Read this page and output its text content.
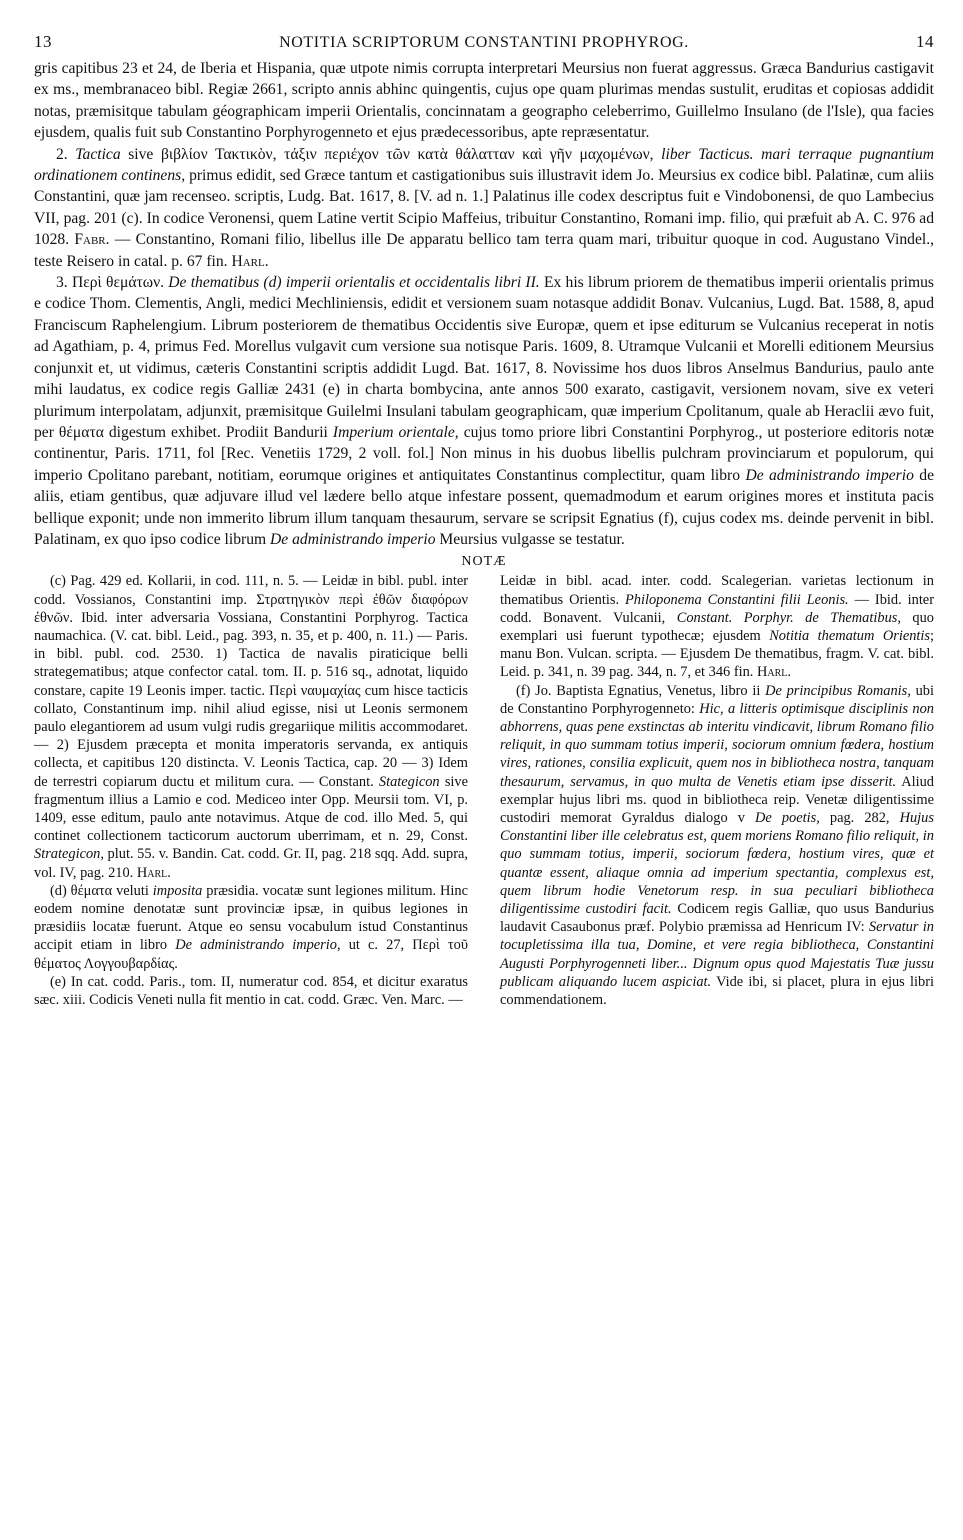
13	NOTITIA SCRIPTORUM CONSTANTINI PROPHYROG.	14

gris capitibus 23 et 24, de Iberia et Hispania, quæ utpote nimis corrupta interpretari Meursius non fuerat aggressus. Græca Bandurius castigavit ex ms., membranaceo bibl. Regiæ 2661, scripto annis abhinc quingentis, cujus ope quam plurimas mendas sustulit, eruditas et copiosas addidit notas, præmisitque tabulam géographicam imperii Orientalis, concinnatam a geographo celeberrimo, Guillelmo Insulano (de l'Isle), qua facies ejusdem, qualis fuit sub Constantino Porphyrogenneto et ejus prædecessoribus, apte repræsentatur.

2. Tactica sive βιβλίον Τακτικὸν, τάξιν περιέχον τῶν κατὰ θάλατταν καὶ γῆν μαχομένων, liber Tacticus. mari terraque pugnantium ordinationem continens, primus edidit, sed Græce tantum et castigationibus suis illustravit idem Jo. Meursius ex codice bibl. Palatinæ, cum aliis Constantini, quæ jam recenseo. scriptis, Ludg. Bat. 1617, 8. [V. ad n. 1.] Palatinus ille codex descriptus fuit e Vindobonensi, de quo Lambecius VII, pag. 201 (c). In codice Veronensi, quem Latine vertit Scipio Maffeius, tribuitur Constantino, Romani imp. filio, qui præfuit ab A. C. 976 ad 1028. Fabr. — Constantino, Romani filio, libellus ille De apparatu bellico tam terra quam mari, tribuitur quoque in cod. Augustano Vindel., teste Reisero in catal. p. 67 fin. Harl.

3. Περὶ θεμάτων. De thematibus (d) imperii orientalis et occidentalis libri II. Ex his librum priorem de thematibus imperii orientalis primus e codice Thom. Clementis, Angli, medici Mechliniensis, edidit et versionem suam notasque addidit Bonav. Vulcanius, Lugd. Bat. 1588, 8, apud Franciscum Raphelengium. Librum posteriorem de thematibus Occidentis sive Europæ, quem et ipse editurum se Vulcanius receperat in notis ad Agathiam, p. 4, primus Fed. Morellus vulgavit cum versione sua notisque Paris. 1609, 8. Utramque Vulcanii et Morelli editionem Meursius conjunxit et, ut vidimus, cæteris Constantini scriptis addidit Lugd. Bat. 1617, 8. Novissime hos duos libros Anselmus Bandurius, paulo ante mihi laudatus, ex codice regis Galliæ 2431 (e) in charta bombycina, ante annos 500 exarato, castigavit, versionem novam, sive ex veteri plurimum interpolatam, adjunxit, præmisitque Guilelmi Insulani tabulam geographicam, quæ imperium Cpolitanum, quale ab Heraclii ævo fuit, per θέματα digestum exhibet. Prodiit Bandurii Imperium orientale, cujus tomo priore libri Constantini Porphyrog., ut posteriore editoris notæ continentur, Paris. 1711, fol [Rec. Venetiis 1729, 2 voll. fol.] Non minus in his duobus libellis pulchram provinciarum et populorum, qui imperio Cpolitano parebant, notitiam, eorumque origines et antiquitates Constantinus complectitur, quam libro De administrando imperio de aliis, etiam gentibus, quæ adjuvare illud vel lædere bello atque infestare possent, quemadmodum et earum origines mores et instituta pacis bellique exponit; unde non immerito librum illum tanquam thesaurum, servare se scripsit Egnatius (f), cujus codex ms. deinde pervenit in bibl. Palatinam, ex quo ipso codice librum De administrando imperio Meursius vulgasse se testatur.

NOTÆ

(c) Pag. 429 ed. Kollarii, in cod. 111, n. 5. — Leidæ in bibl. publ. inter codd. Vossianos, Constantini imp. Στρατηγικὸν περὶ ἐθῶν διαφόρων ἐθνῶν. Ibid. inter adversaria Vossiana, Constantini Porphyrog. Tactica naumachica. (V. cat. bibl. Leid., pag. 393, n. 35, et p. 400, n. 11.) — Paris. in bibl. publ. cod. 2530. 1) Tactica de navalis piraticique belli strategematibus; atque confector catal. tom. II. p. 516 sq., adnotat, liquido constare, capite 19 Leonis imper. tactic. Περὶ ναυμαχίας cum hisce tacticis collato, Constantinum imp. nihil aliud egisse, nisi ut Leonis sermonem paulo elegantiorem ad usum vulgi rudis gregariique militis accommodaret. — 2) Ejusdem præcepta et monita imperatoris servanda, ex antiquis collecta, et capitibus 120 distincta. V. Leonis Tactica, cap. 20 — 3) Idem de terrestri copiarum ductu et militum cura. — Constant. Stategicon sive fragmentum illius a Lamio e cod. Mediceo inter Opp. Meursii tom. VI, p. 1409, esse editum, paulo ante notavimus. Atque de cod. illo Med. 5, qui continet collectionem tacticorum auctorum uberrimam, et n. 29, Const. Strategicon, plut. 55. v. Bandin. Cat. codd. Gr. II, pag. 218 sqq. Add. supra, vol. IV, pag. 210. Harl.

(d) θέματα veluti imposita præsidia. vocatæ sunt legiones militum. Hinc eodem nomine denotatæ sunt provinciæ ipsæ, in quibus legiones in præsidiis locatæ fuerunt. Atque eo sensu vocabulum istud Constantinus accipit etiam in libro De administrando imperio, ut c. 27, Περὶ τοῦ θέματος Λογγουβαρδίας.

(e) In cat. codd. Paris., tom. II, numeratur cod. 854, et dicitur exaratus sæc. xiii. Codicis Veneti nulla fit mentio in cat. codd. Græc. Ven. Marc. —

Leidæ in bibl. acad. inter. codd. Scalegerian. varietas lectionum in thematibus Orientis. Philoponema Constantini filii Leonis. — Ibid. inter codd. Bonavent. Vulcanii, Constant. Porphyr. de Thematibus, quo exemplari usi fuerunt typothecæ; ejusdem Notitia thematum Orientis; manu Bon. Vulcan. scripta. — Ejusdem De thematibus, fragm. V. cat. bibl. Leid. p. 341, n. 39 pag. 344, n. 7, et 346 fin. Harl.

(f) Jo. Baptista Egnatius, Venetus, libro ii De principibus Romanis, ubi de Constantino Porphyrogenneto: Hic, a litteris optimisque disciplinis non abhorrens, quas pene exstinctas ab interitu vindicavit, librum Romano filio reliquit, in quo summam totius imperii, sociorum omnium fœdera, hostium vires, rationes, consilia explicuit, quem nos in bibliotheca nostra, tanquam thesaurum, servamus, in quo multa de Venetis etiam ipse disserit. Aliud exemplar hujus libri ms. quod in bibliotheca reip. Venetæ diligentissime custodiri memorat Gyraldus dialogo v De poetis, pag. 282, Hujus Constantini liber ille celebratus est, quem moriens Romano filio reliquit, in quo summam totius, imperii, sociorum fœdera, hostium vires, quæ et quantæ essent, aliaque omnia ad imperium spectantia, complexus est, quem librum hodie Venetorum resp. in sua peculiari bibliotheca diligentissime custodiri facit. Codicem regis Galliæ, quo usus Bandurius laudavit Casaubonus præf. Polybio præmissa ad Henricum IV: Servatur in tocupletissima illa tua, Domine, et vere regia bibliotheca, Constantini Augusti Porphyrogenneti liber... Dignum opus quod Majestatis Tuæ jussu publicam aliquando lucem aspiciat. Vide ibi, si placet, plura in ejus libri commendationem.
